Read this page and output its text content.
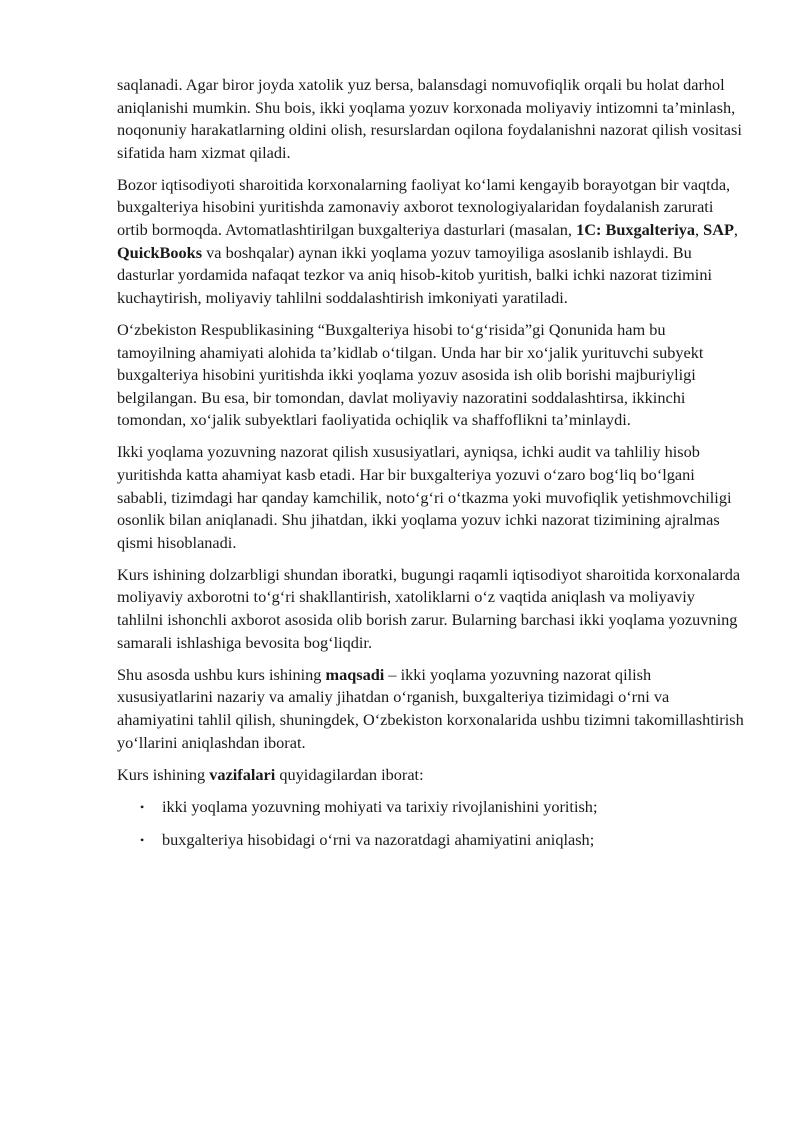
saqlanadi. Agar biror joyda xatolik yuz bersa, balansdagi nomuvofiqlik orqali bu holat darhol aniqlanishi mumkin. Shu bois, ikki yoqlama yozuv korxonada moliyaviy intizomni ta’minlash, noqonuniy harakatlarning oldini olish, resurslardan oqilona foydalanishni nazorat qilish vositasi sifatida ham xizmat qiladi.

Bozor iqtisodiyoti sharoitida korxonalarning faoliyat ko‘lami kengayib borayotgan bir vaqtda, buxgalteriya hisobini yuritishda zamonaviy axborot texnologiyalaridan foydalanish zarurati ortib bormoqda. Avtomatlashtirilgan buxgalteriya dasturlari (masalan, 1C: Buxgalteriya, SAP, QuickBooks va boshqalar) aynan ikki yoqlama yozuv tamoyiliga asoslanib ishlaydi. Bu dasturlar yordamida nafaqat tezkor va aniq hisob-kitob yuritish, balki ichki nazorat tizimini kuchaytirish, moliyaviy tahlilni soddalashtirish imkoniyati yaratiladi.

O‘zbekiston Respublikasining “Buxgalteriya hisobi to‘g‘risida”gi Qonunida ham bu tamoyilning ahamiyati alohida ta’kidlab o‘tilgan. Unda har bir xo‘jalik yurituvchi subyekt buxgalteriya hisobini yuritishda ikki yoqlama yozuv asosida ish olib borishi majburiyligi belgilangan. Bu esa, bir tomondan, davlat moliyaviy nazoratini soddalashtirsa, ikkinchi tomondan, xo‘jalik subyektlari faoliyatida ochiqlik va shaffoflikni ta’minlaydi.

Ikki yoqlama yozuvning nazorat qilish xususiyatlari, ayniqsa, ichki audit va tahliliy hisob yuritishda katta ahamiyat kasb etadi. Har bir buxgalteriya yozuvi o‘zaro bog‘liq bo‘lgani sababli, tizimdagi har qanday kamchilik, noto‘g‘ri o‘tkazma yoki muvofiqlik yetishmovchiligi osonlik bilan aniqlanadi. Shu jihatdan, ikki yoqlama yozuv ichki nazorat tizimining ajralmas qismi hisoblanadi.

Kurs ishining dolzarbligi shundan iboratki, bugungi raqamli iqtisodiyot sharoitida korxonalarda moliyaviy axborotni to‘g‘ri shakllantirish, xatoliklarni o‘z vaqtida aniqlash va moliyaviy tahlilni ishonchli axborot asosida olib borish zarur. Bularning barchasi ikki yoqlama yozuvning samarali ishlashiga bevosita bog‘liqdir.

Shu asosda ushbu kurs ishining maqsadi – ikki yoqlama yozuvning nazorat qilish xususiyatlarini nazariy va amaliy jihatdan o‘rganish, buxgalteriya tizimidagi o‘rni va ahamiyatini tahlil qilish, shuningdek, O‘zbekiston korxonalarida ushbu tizimni takomillashtirish yo‘llarini aniqlashdan iborat.

Kurs ishining vazifalari quyidagilardan iborat:

• ikki yoqlama yozuvning mohiyati va tarixiy rivojlanishini yoritish;
• buxgalteriya hisobidagi o‘rni va nazoratdagi ahamiyatini aniqlash;
